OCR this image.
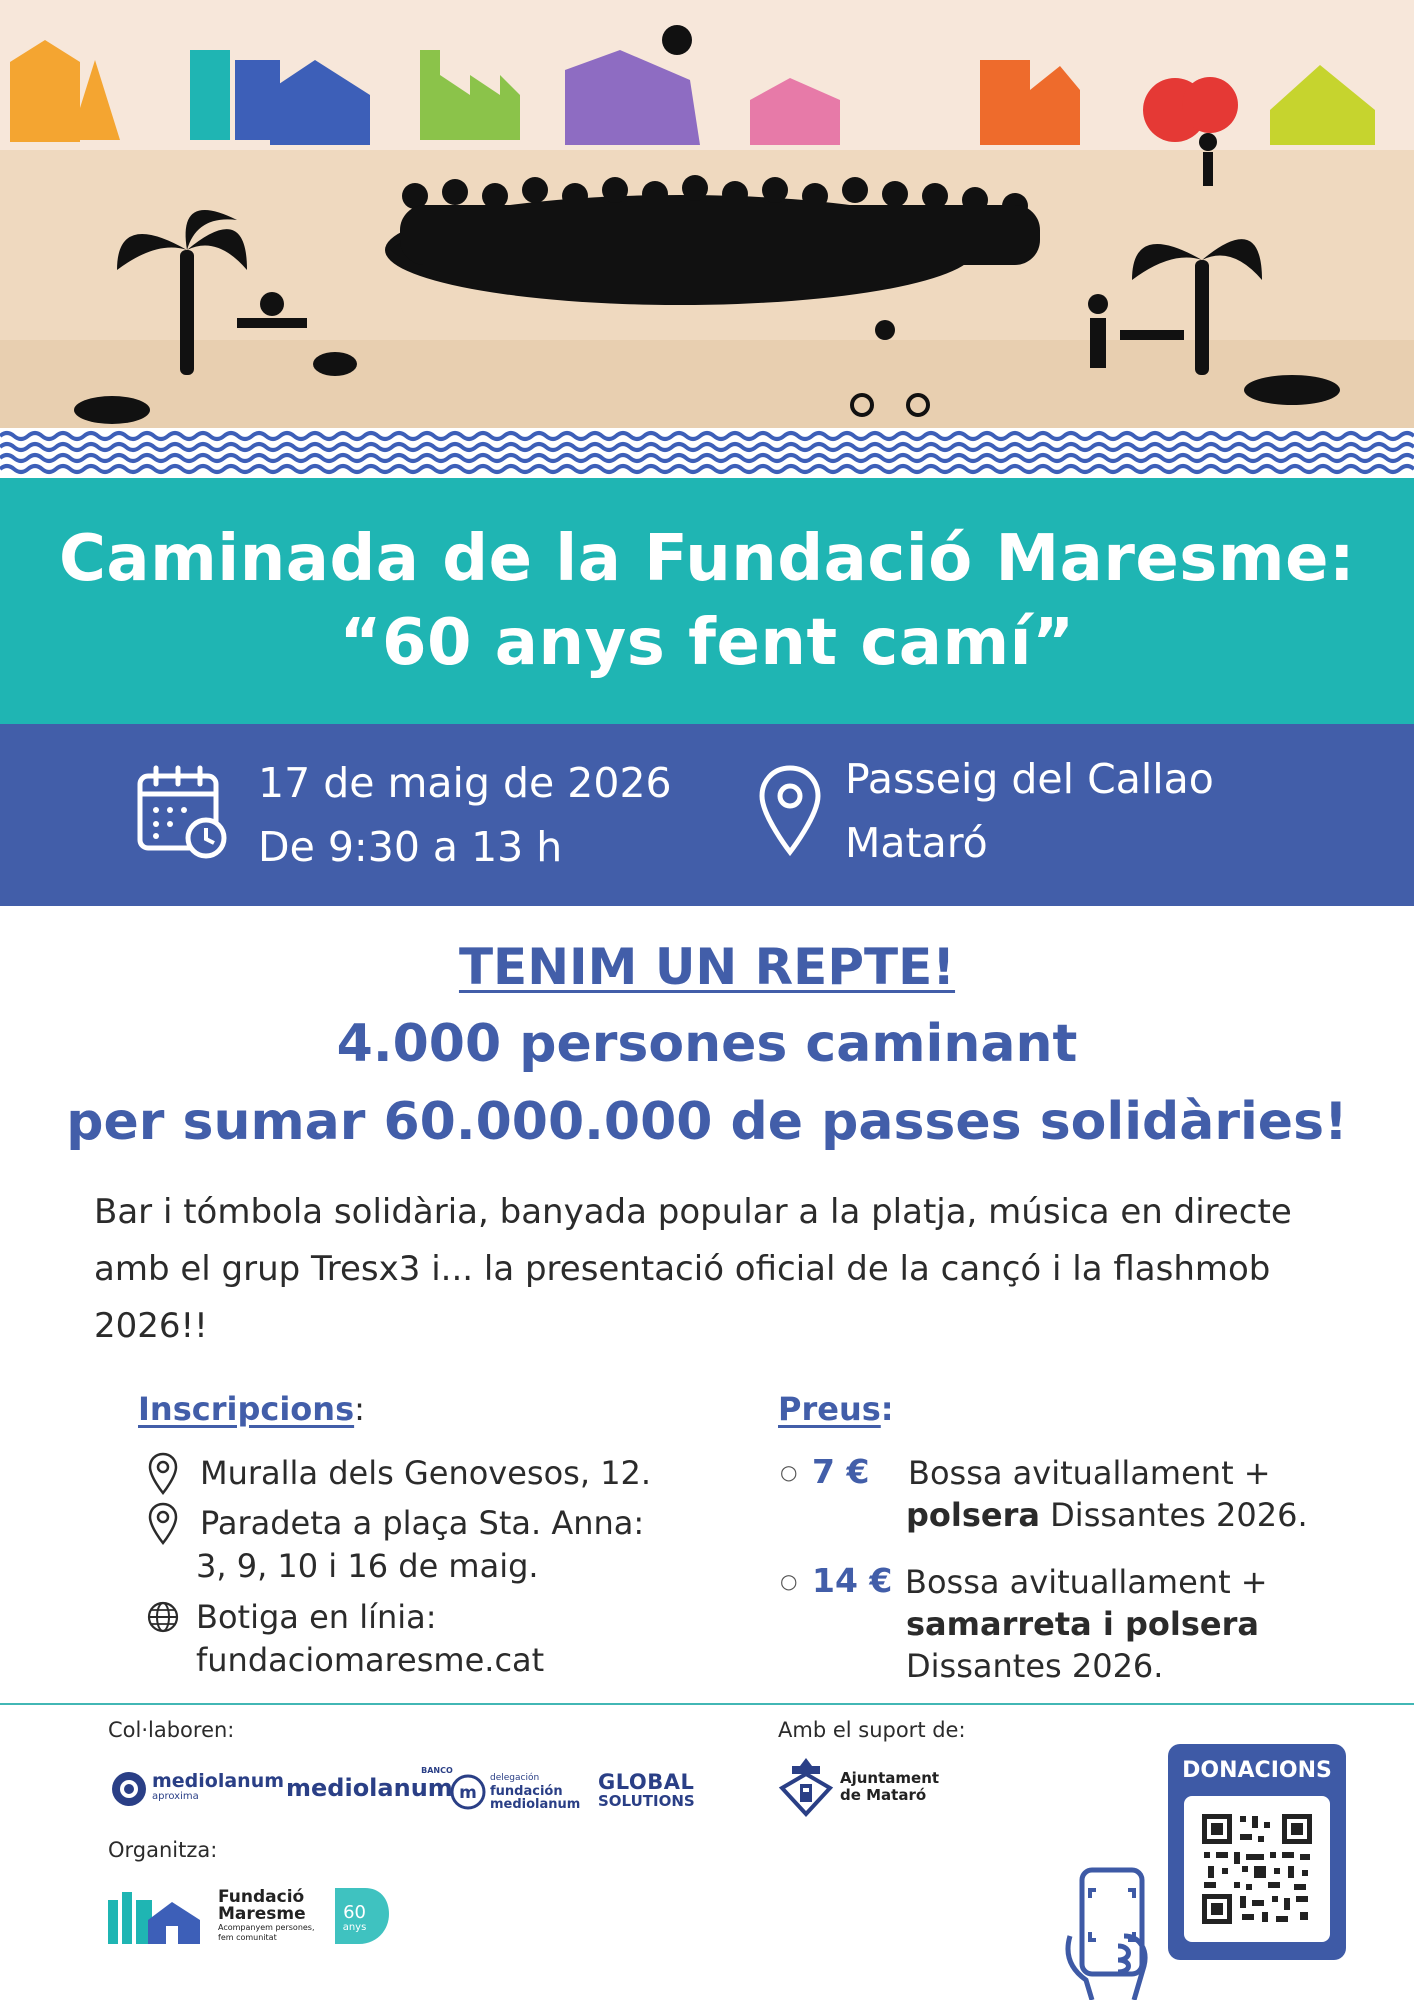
Caminada de la Fundació Maresme:
“60 anys fent camí”
17 de maig de 2026
De 9:30 a 13 h
Passeig del Callao
Mataró
TENIM UN REPTE!
4.000 persones caminant
per sumar 60.000.000 de passes solidàries!
Bar i tómbola solidària, banyada popular a la platja, música en directe
amb el grup Tresx3 i... la presentació oficial de la cançó i la flashmob
2026!!
Inscripcions:
Muralla dels Genovesos, 12.
Paradeta a plaça Sta. Anna:
3, 9, 10 i 16 de maig.
Botiga en línia:
fundaciomaresme.cat
Preus:
○ 7 € Bossa avituallament +
polsera Dissantes 2026.
○ 14 € Bossa avituallament +
samarreta i polsera
Dissantes 2026.
Col·laboren:	Amb el suport de:
Organitza:
mediolanum
aproxima	mediolanum
BANCO
m
delegación
fundación
mediolanum
GLOBAL
SOLUTIONS
Ajuntament
de Mataró
Fundació
Maresme
Acompanyem persones,
fem comunitat
60
anys
DONACIONS
